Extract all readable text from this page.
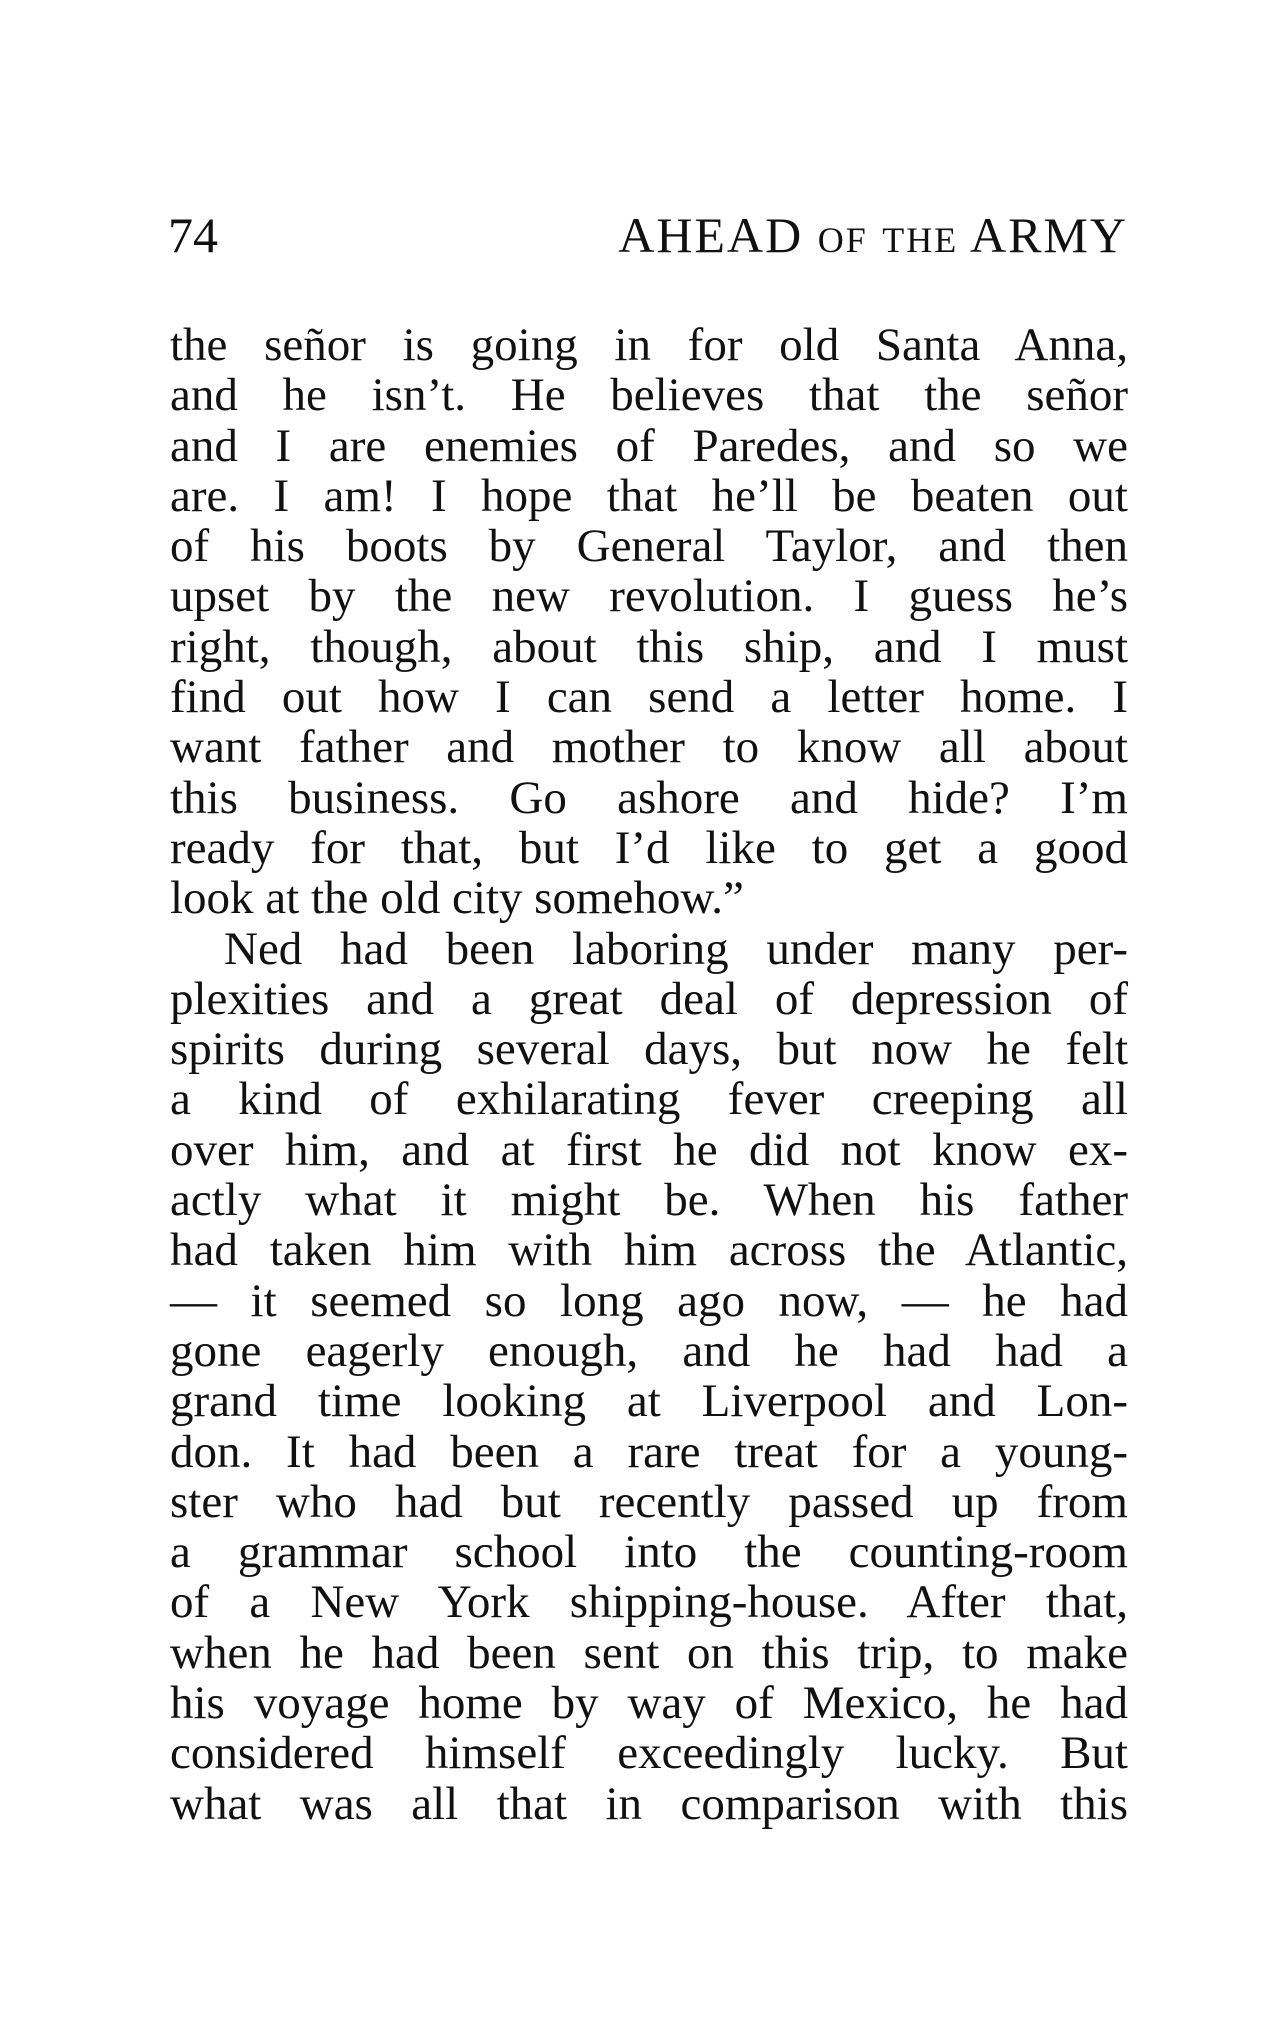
74	AHEAD OF THE ARMY
the señor is going in for old Santa Anna,
and he isn’t. He believes that the señor
and I are enemies of Paredes, and so we
are. I am! I hope that he’ll be beaten out
of his boots by General Taylor, and then
upset by the new revolution. I guess he’s
right, though, about this ship, and I must
find out how I can send a letter home. I
want father and mother to know all about
this business. Go ashore and hide? I’m
ready for that, but I’d like to get a good
look at the old city somehow.”
Ned had been laboring under many per-
plexities and a great deal of depression of
spirits during several days, but now he felt
a kind of exhilarating fever creeping all
over him, and at first he did not know ex-
actly what it might be. When his father
had taken him with him across the Atlantic,
— it seemed so long ago now, — he had
gone eagerly enough, and he had had a
grand time looking at Liverpool and Lon-
don. It had been a rare treat for a young-
ster who had but recently passed up from
a grammar school into the counting-room
of a New York shipping-house. After that,
when he had been sent on this trip, to make
his voyage home by way of Mexico, he had
considered himself exceedingly lucky. But
what was all that in comparison with this
